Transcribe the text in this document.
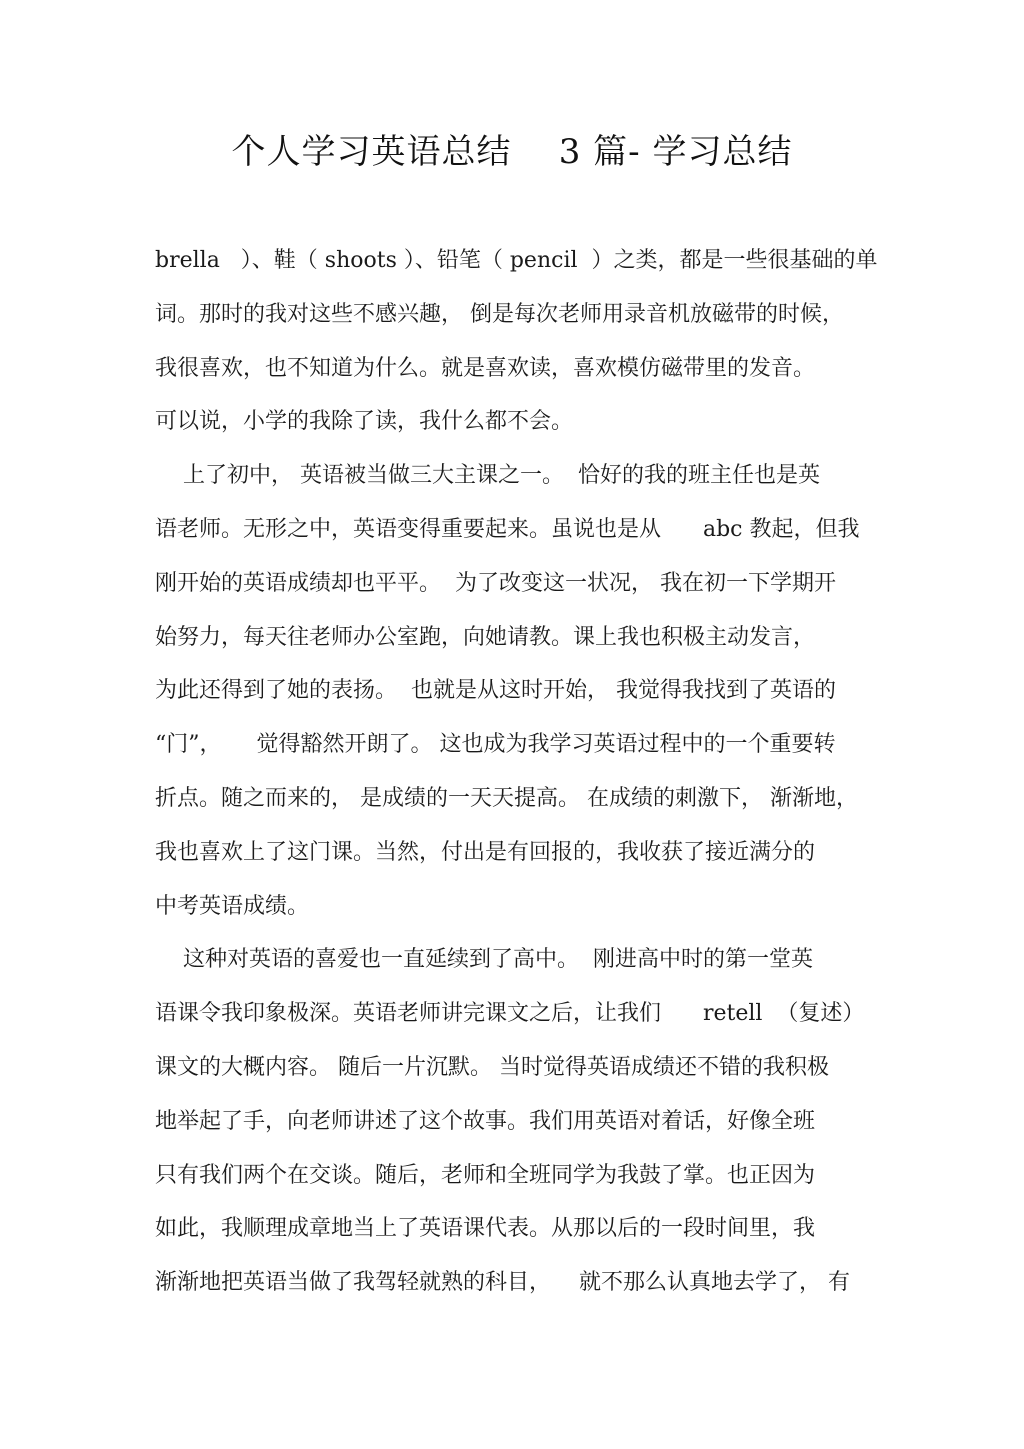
个人学习英语总结    3 篇- 学习总结
brella   ）、鞋（ shoots ）、铅笔（ pencil  ）之类，都是一些很基础的单
词。那时的我对这些不感兴趣， 倒是每次老师用录音机放磁带的时候，
我很喜欢，也不知道为什么。就是喜欢读，喜欢模仿磁带里的发音。
可以说，小学的我除了读，我什么都不会。
上了初中， 英语被当做三大主课之一。  恰好的我的班主任也是英
语老师。无形之中，英语变得重要起来。虽说也是从      abc 教起，但我
刚开始的英语成绩却也平平。  为了改变这一状况， 我在初一下学期开
始努力，每天往老师办公室跑，向她请教。课上我也积极主动发言，
为此还得到了她的表扬。  也就是从这时开始， 我觉得我找到了英语的
“门”，     觉得豁然开朗了。 这也成为我学习英语过程中的一个重要转
折点。随之而来的， 是成绩的一天天提高。 在成绩的刺激下， 渐渐地，
我也喜欢上了这门课。当然，付出是有回报的，我收获了接近满分的
中考英语成绩。
这种对英语的喜爱也一直延续到了高中。  刚进高中时的第一堂英
语课令我印象极深。英语老师讲完课文之后，让我们      retell  （复述）
课文的大概内容。 随后一片沉默。 当时觉得英语成绩还不错的我积极
地举起了手，向老师讲述了这个故事。我们用英语对着话，好像全班
只有我们两个在交谈。随后，老师和全班同学为我鼓了掌。也正因为
如此，我顺理成章地当上了英语课代表。从那以后的一段时间里，我
渐渐地把英语当做了我驾轻就熟的科目，    就不那么认真地去学了， 有
